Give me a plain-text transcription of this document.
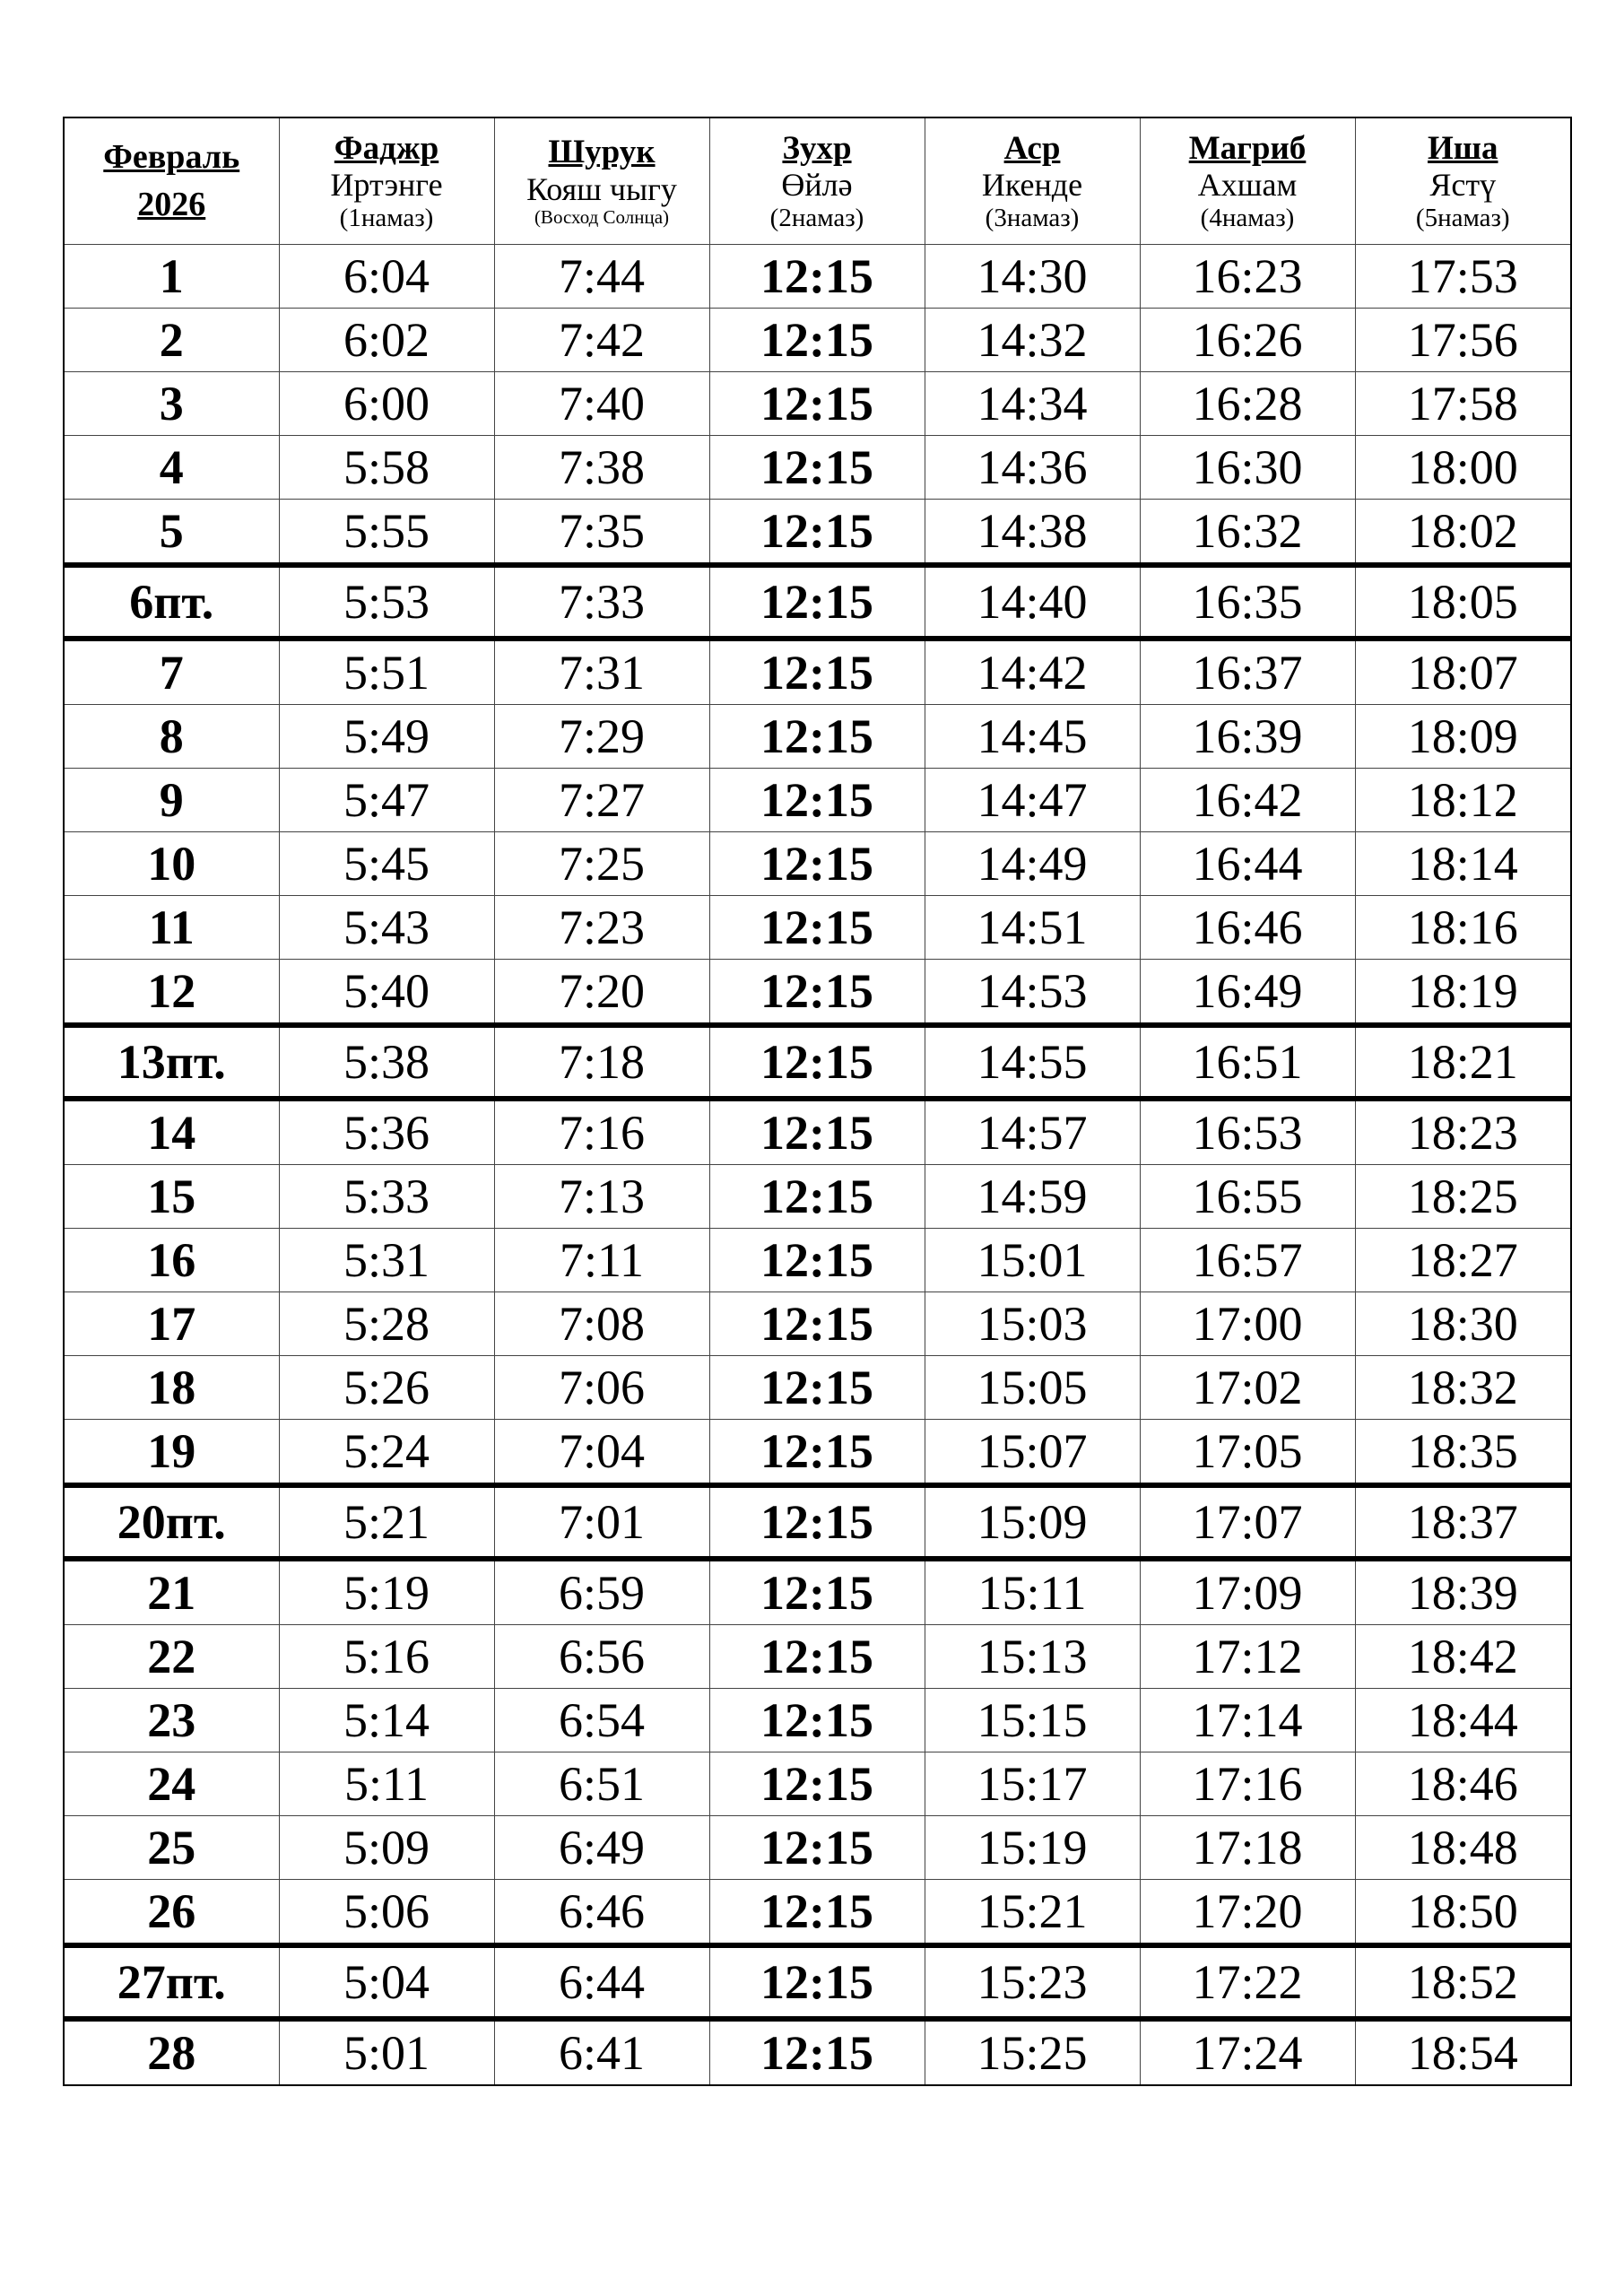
Февраль
2026	Фаджр
Иртэнге
(1намаз)	Шурук
Кояш чыгу
(Восход Солнца)	Зухр
Өйлә
(2намаз)	Аср
Икенде
(3намаз)	Магриб
Ахшам
(4намаз)	Иша
Ястү
(5намаз)

1	6:04	7:44	12:15	14:30	16:23	17:53
2	6:02	7:42	12:15	14:32	16:26	17:56
3	6:00	7:40	12:15	14:34	16:28	17:58
4	5:58	7:38	12:15	14:36	16:30	18:00
5	5:55	7:35	12:15	14:38	16:32	18:02
6пт.	5:53	7:33	12:15	14:40	16:35	18:05
7	5:51	7:31	12:15	14:42	16:37	18:07
8	5:49	7:29	12:15	14:45	16:39	18:09
9	5:47	7:27	12:15	14:47	16:42	18:12
10	5:45	7:25	12:15	14:49	16:44	18:14
11	5:43	7:23	12:15	14:51	16:46	18:16
12	5:40	7:20	12:15	14:53	16:49	18:19
13пт.	5:38	7:18	12:15	14:55	16:51	18:21
14	5:36	7:16	12:15	14:57	16:53	18:23
15	5:33	7:13	12:15	14:59	16:55	18:25
16	5:31	7:11	12:15	15:01	16:57	18:27
17	5:28	7:08	12:15	15:03	17:00	18:30
18	5:26	7:06	12:15	15:05	17:02	18:32
19	5:24	7:04	12:15	15:07	17:05	18:35
20пт.	5:21	7:01	12:15	15:09	17:07	18:37
21	5:19	6:59	12:15	15:11	17:09	18:39
22	5:16	6:56	12:15	15:13	17:12	18:42
23	5:14	6:54	12:15	15:15	17:14	18:44
24	5:11	6:51	12:15	15:17	17:16	18:46
25	5:09	6:49	12:15	15:19	17:18	18:48
26	5:06	6:46	12:15	15:21	17:20	18:50
27пт.	5:04	6:44	12:15	15:23	17:22	18:52
28	5:01	6:41	12:15	15:25	17:24	18:54
